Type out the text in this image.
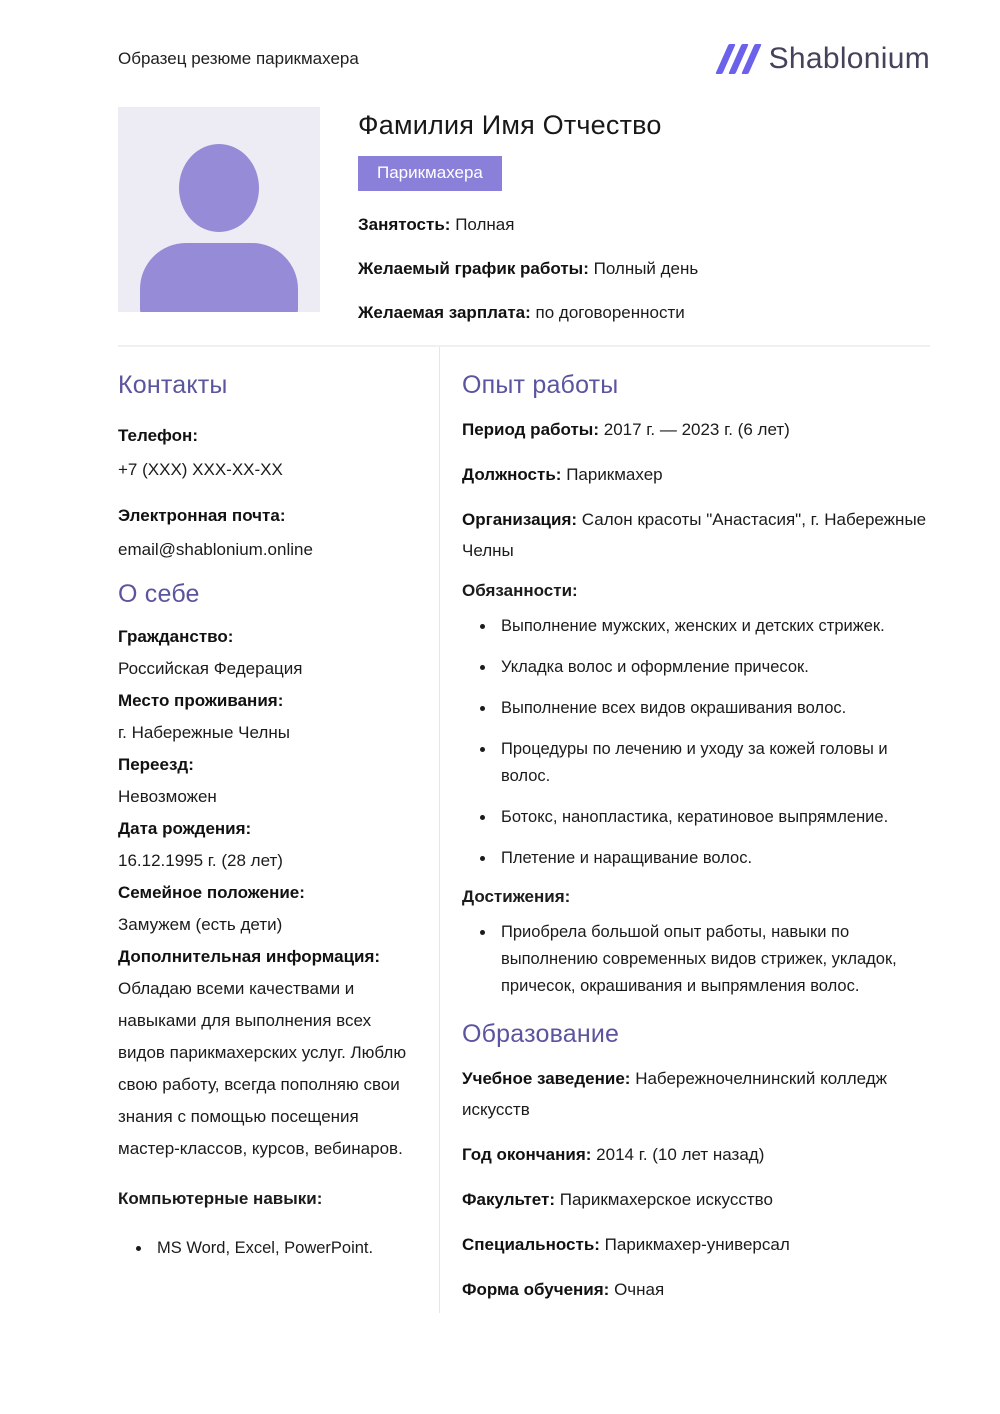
Образец резюме парикмахера	Shablonium
Фамилия Имя Отчество
Парикмахера
Занятость: Полная
Желаемый график работы: Полный день
Желаемая зарплата: по договоренности
Контакты
Телефон:
+7 (XXX) XXX-XX-XX
Электронная почта:
email@shablonium.online
О себе
Гражданство:
Российская Федерация
Место проживания:
г. Набережные Челны
Переезд:
Невозможен
Дата рождения:
16.12.1995 г. (28 лет)
Семейное положение:
Замужем (есть дети)
Дополнительная информация:
Обладаю всеми качествами и навыками для выполнения всех видов парикмахерских услуг. Люблю свою работу, всегда пополняю свои знания с помощью посещения мастер-классов, курсов, вебинаров.
Компьютерные навыки:
• MS Word, Excel, PowerPoint.
Опыт работы
Период работы: 2017 г. — 2023 г. (6 лет)
Должность: Парикмахер
Организация: Салон красоты "Анастасия", г. Набережные Челны
Обязанности:
• Выполнение мужских, женских и детских стрижек.
• Укладка волос и оформление причесок.
• Выполнение всех видов окрашивания волос.
• Процедуры по лечению и уходу за кожей головы и волос.
• Ботокс, нанопластика, кератиновое выпрямление.
• Плетение и наращивание волос.
Достижения:
• Приобрела большой опыт работы, навыки по выполнению современных видов стрижек, укладок, причесок, окрашивания и выпрямления волос.
Образование
Учебное заведение: Набережночелнинский колледж искусств
Год окончания: 2014 г. (10 лет назад)
Факультет: Парикмахерское искусство
Специальность: Парикмахер-универсал
Форма обучения: Очная
